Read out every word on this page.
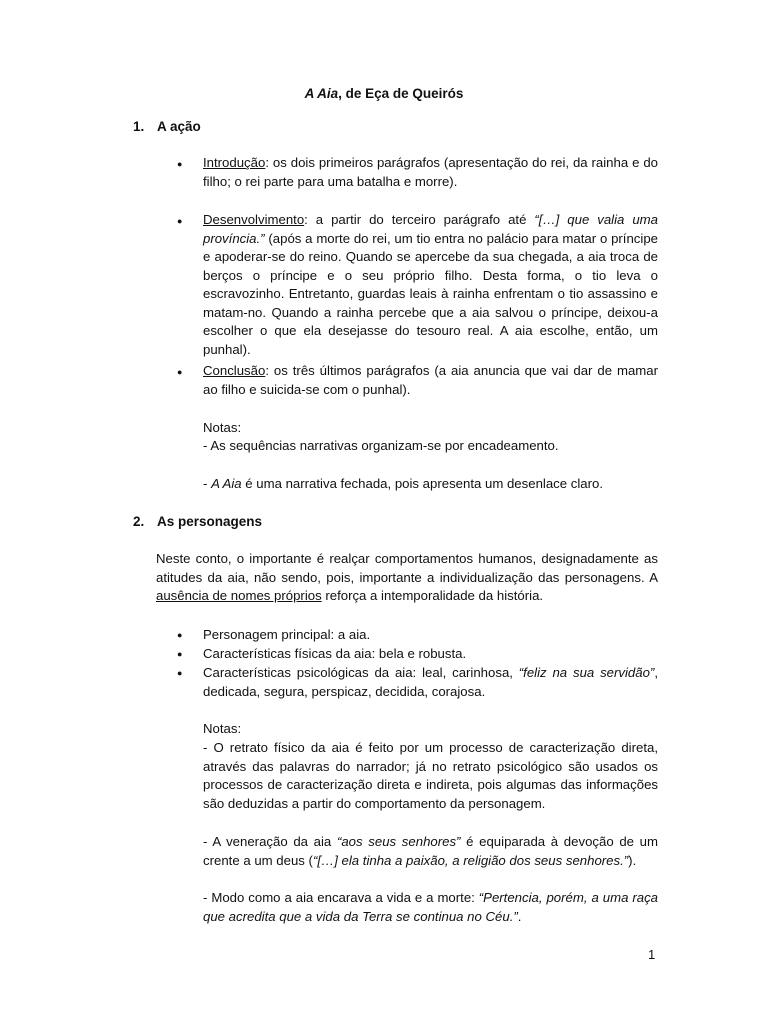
A Aia, de Eça de Queirós
1. A ação
● Introdução: os dois primeiros parágrafos (apresentação do rei, da rainha e do filho; o rei parte para uma batalha e morre).
● Desenvolvimento: a partir do terceiro parágrafo até “[…] que valia uma província.” (após a morte do rei, um tio entra no palácio para matar o príncipe e apoderar-se do reino. Quando se apercebe da sua chegada, a aia troca de berços o príncipe e o seu próprio filho. Desta forma, o tio leva o escravozinho. Entretanto, guardas leais à rainha enfrentam o tio assassino e matam-no. Quando a rainha percebe que a aia salvou o príncipe, deixou-a escolher o que ela desejasse do tesouro real. A aia escolhe, então, um punhal).
● Conclusão: os três últimos parágrafos (a aia anuncia que vai dar de mamar ao filho e suicida-se com o punhal).
Notas:
- As sequências narrativas organizam-se por encadeamento.
- A Aia é uma narrativa fechada, pois apresenta um desenlace claro.
2. As personagens
Neste conto, o importante é realçar comportamentos humanos, designadamente as atitudes da aia, não sendo, pois, importante a individualização das personagens. A ausência de nomes próprios reforça a intemporalidade da história.
● Personagem principal: a aia.
● Características físicas da aia: bela e robusta.
● Características psicológicas da aia: leal, carinhosa, “feliz na sua servidão”, dedicada, segura, perspicaz, decidida, corajosa.
Notas:
- O retrato físico da aia é feito por um processo de caracterização direta, através das palavras do narrador; já no retrato psicológico são usados os processos de caracterização direta e indireta, pois algumas das informações são deduzidas a partir do comportamento da personagem.
- A veneração da aia “aos seus senhores” é equiparada à devoção de um crente a um deus (“[…] ela tinha a paixão, a religião dos seus senhores.”).
- Modo como a aia encarava a vida e a morte: “Pertencia, porém, a uma raça que acredita que a vida da Terra se continua no Céu.”.
1
